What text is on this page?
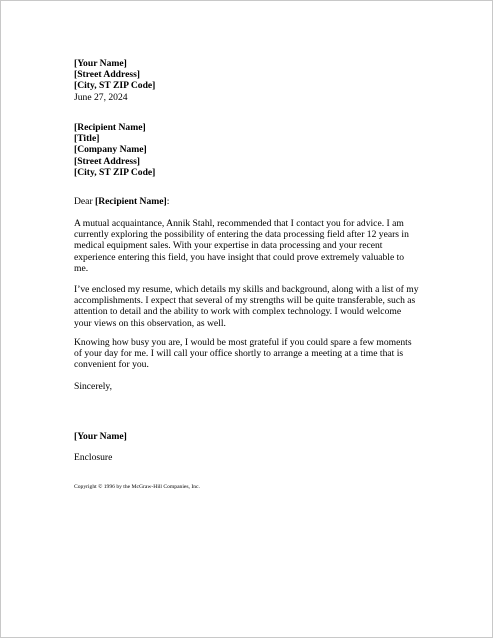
[Your Name]
[Street Address]
[City, ST ZIP Code]
June 27, 2024
[Recipient Name]
[Title]
[Company Name]
[Street Address]
[City, ST ZIP Code]
Dear [Recipient Name]:
A mutual acquaintance, Annik Stahl, recommended that I contact you for advice. I am
currently exploring the possibility of entering the data processing field after 12 years in
medical equipment sales. With your expertise in data processing and your recent
experience entering this field, you have insight that could prove extremely valuable to
me.
I’ve enclosed my resume, which details my skills and background, along with a list of my
accomplishments. I expect that several of my strengths will be quite transferable, such as
attention to detail and the ability to work with complex technology. I would welcome
your views on this observation, as well.
Knowing how busy you are, I would be most grateful if you could spare a few moments
of your day for me. I will call your office shortly to arrange a meeting at a time that is
convenient for you.
Sincerely,
[Your Name]
Enclosure
Copyright © 1996 by the McGraw-Hill Companies, Inc.
